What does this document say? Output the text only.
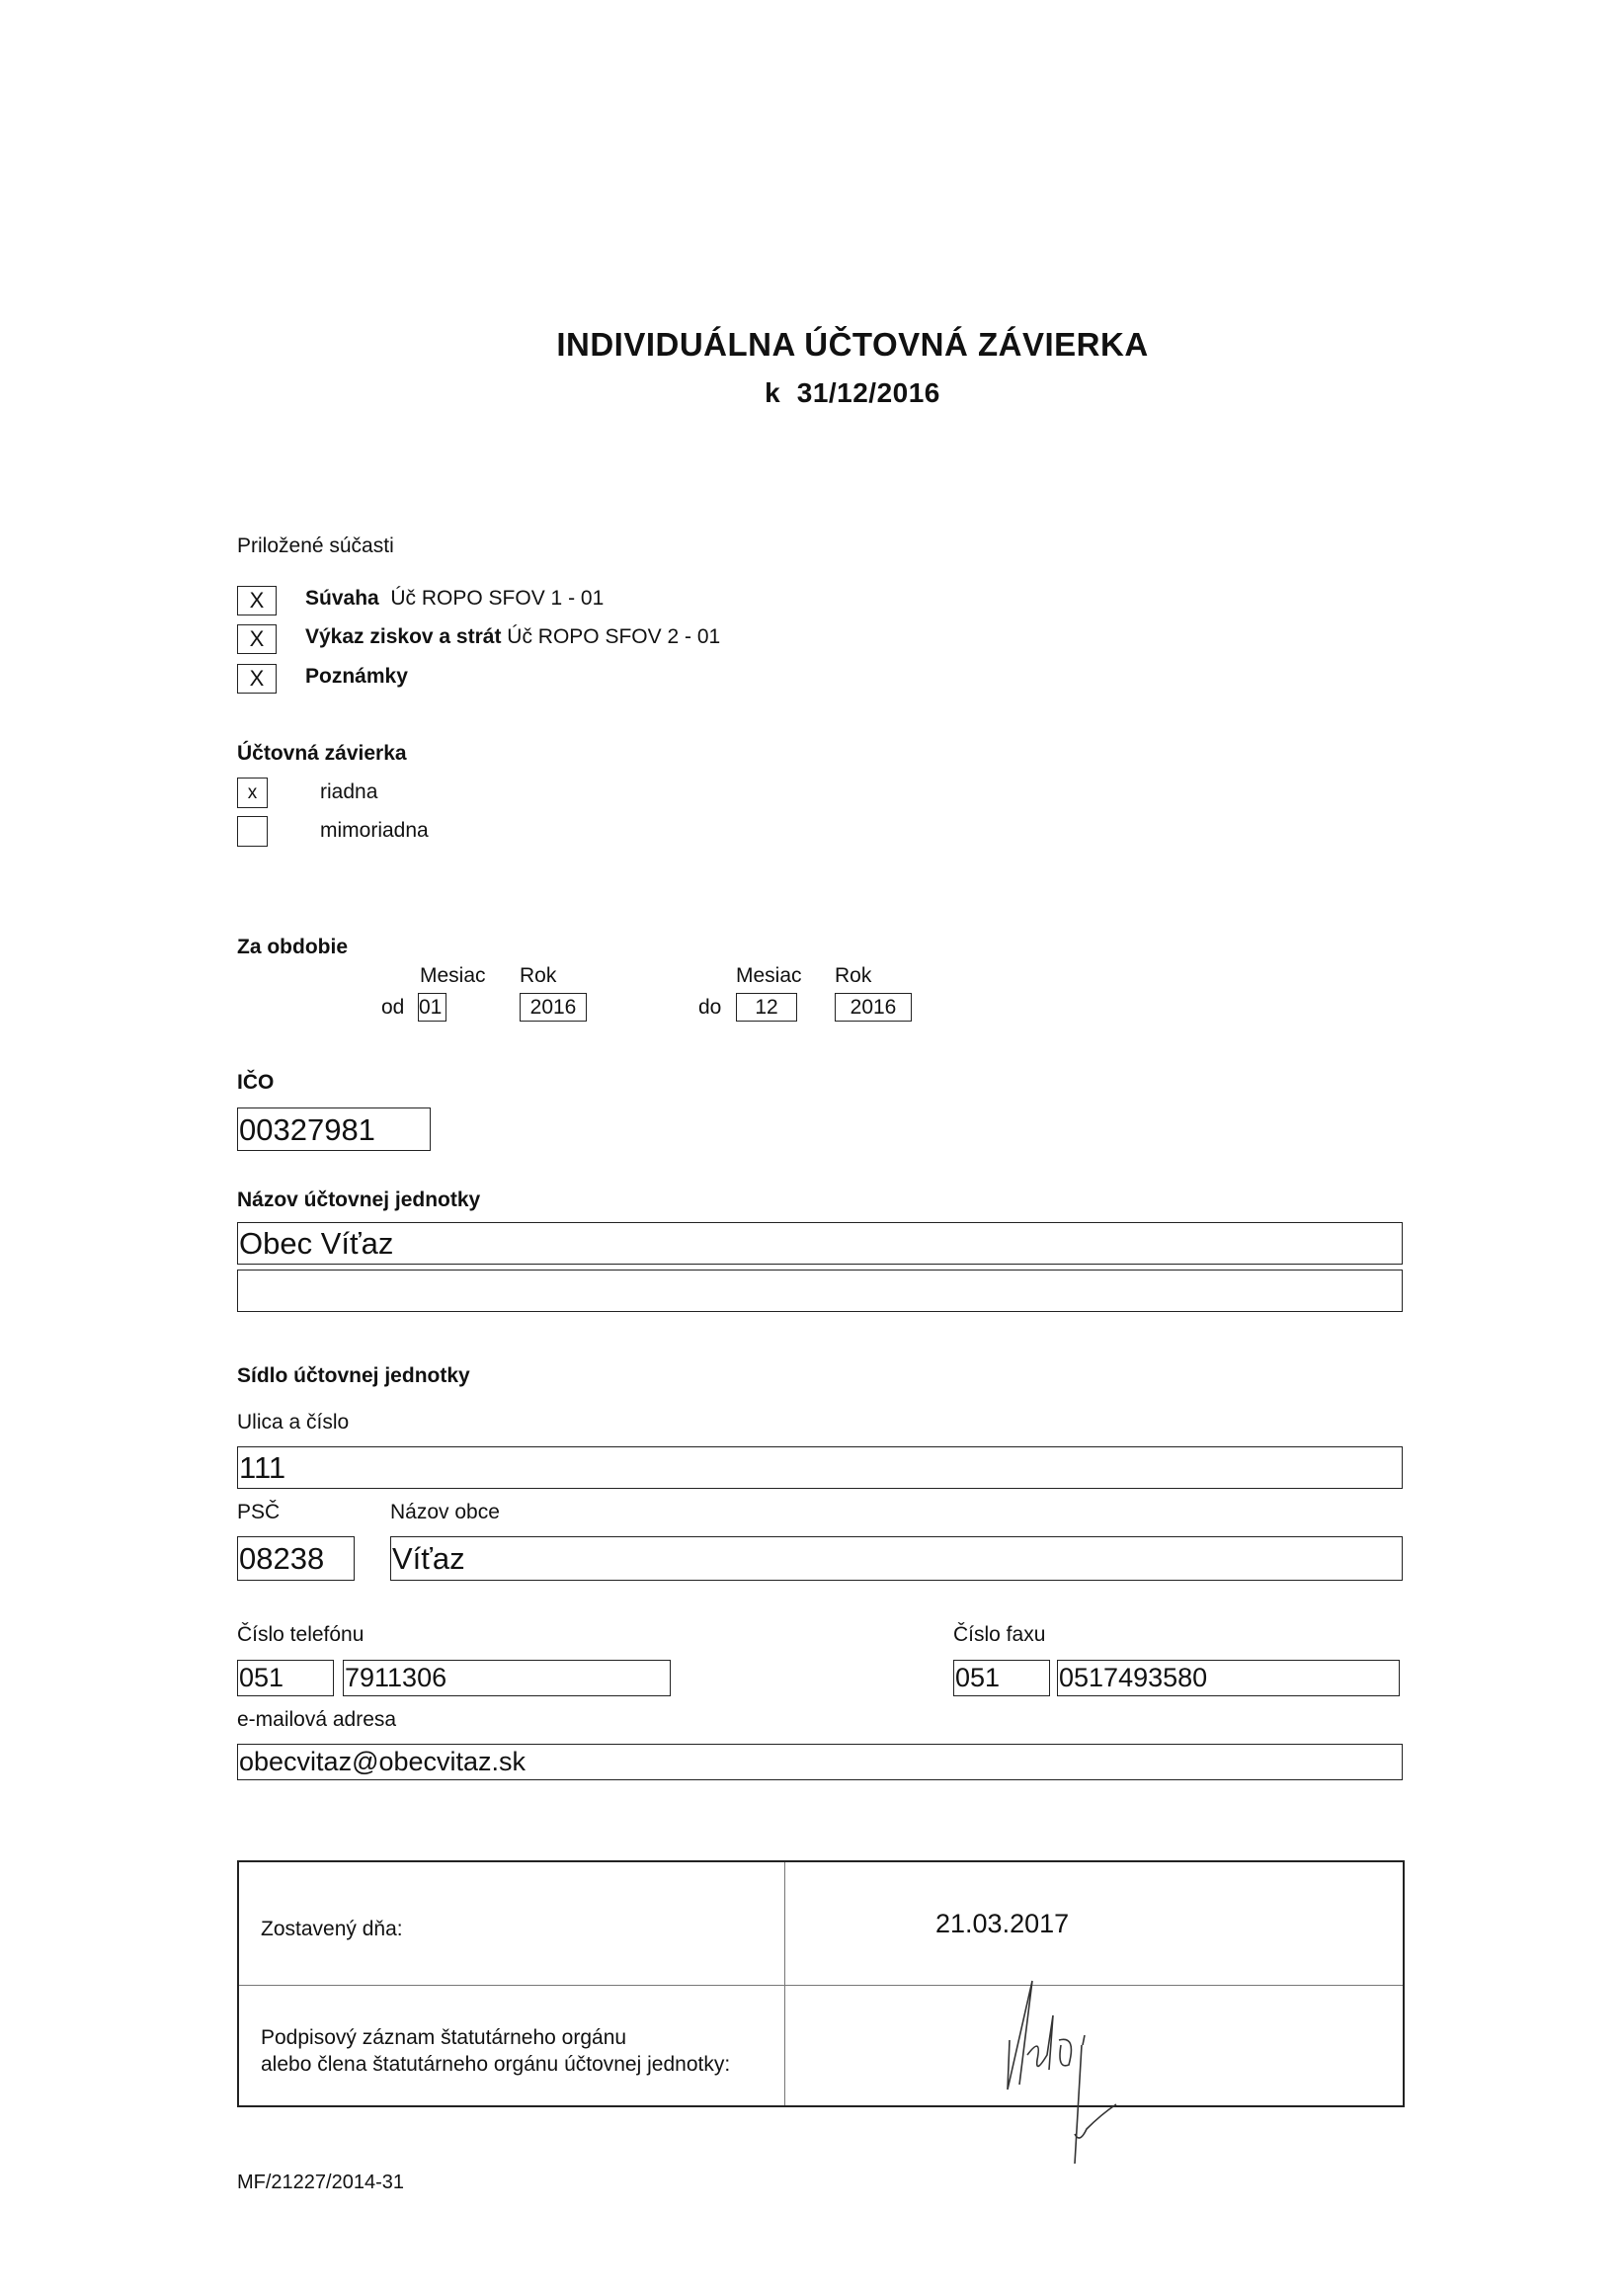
INDIVIDUÁLNA ÚČTOVNÁ ZÁVIERKA
k  31/12/2016
Priložené súčasti
X Súvaha Úč ROPO SFOV 1 - 01
X Výkaz ziskov a strát Úč ROPO SFOV 2 - 01
X Poznámky
Účtovná závierka
x	riadna
mimoriadna
Za obdobie
Mesiac Rok	Mesiac Rok
od 01	2016	do 12	2016
IČO
00327981
Názov účtovnej jednotky
Obec Víťaz
Sídlo účtovnej jednotky
Ulica a číslo
111
PSČ	Názov obce
08238 Víťaz
Číslo telefónu	Číslo faxu
051 7911306	051 0517493580
e-mailová adresa
obecvitaz@obecvitaz.sk
Zostavený dňa:	21.03.2017
Podpisový záznam štatutárneho orgánu
alebo člena štatutárneho orgánu účtovnej jednotky:
MF/21227/2014-31
